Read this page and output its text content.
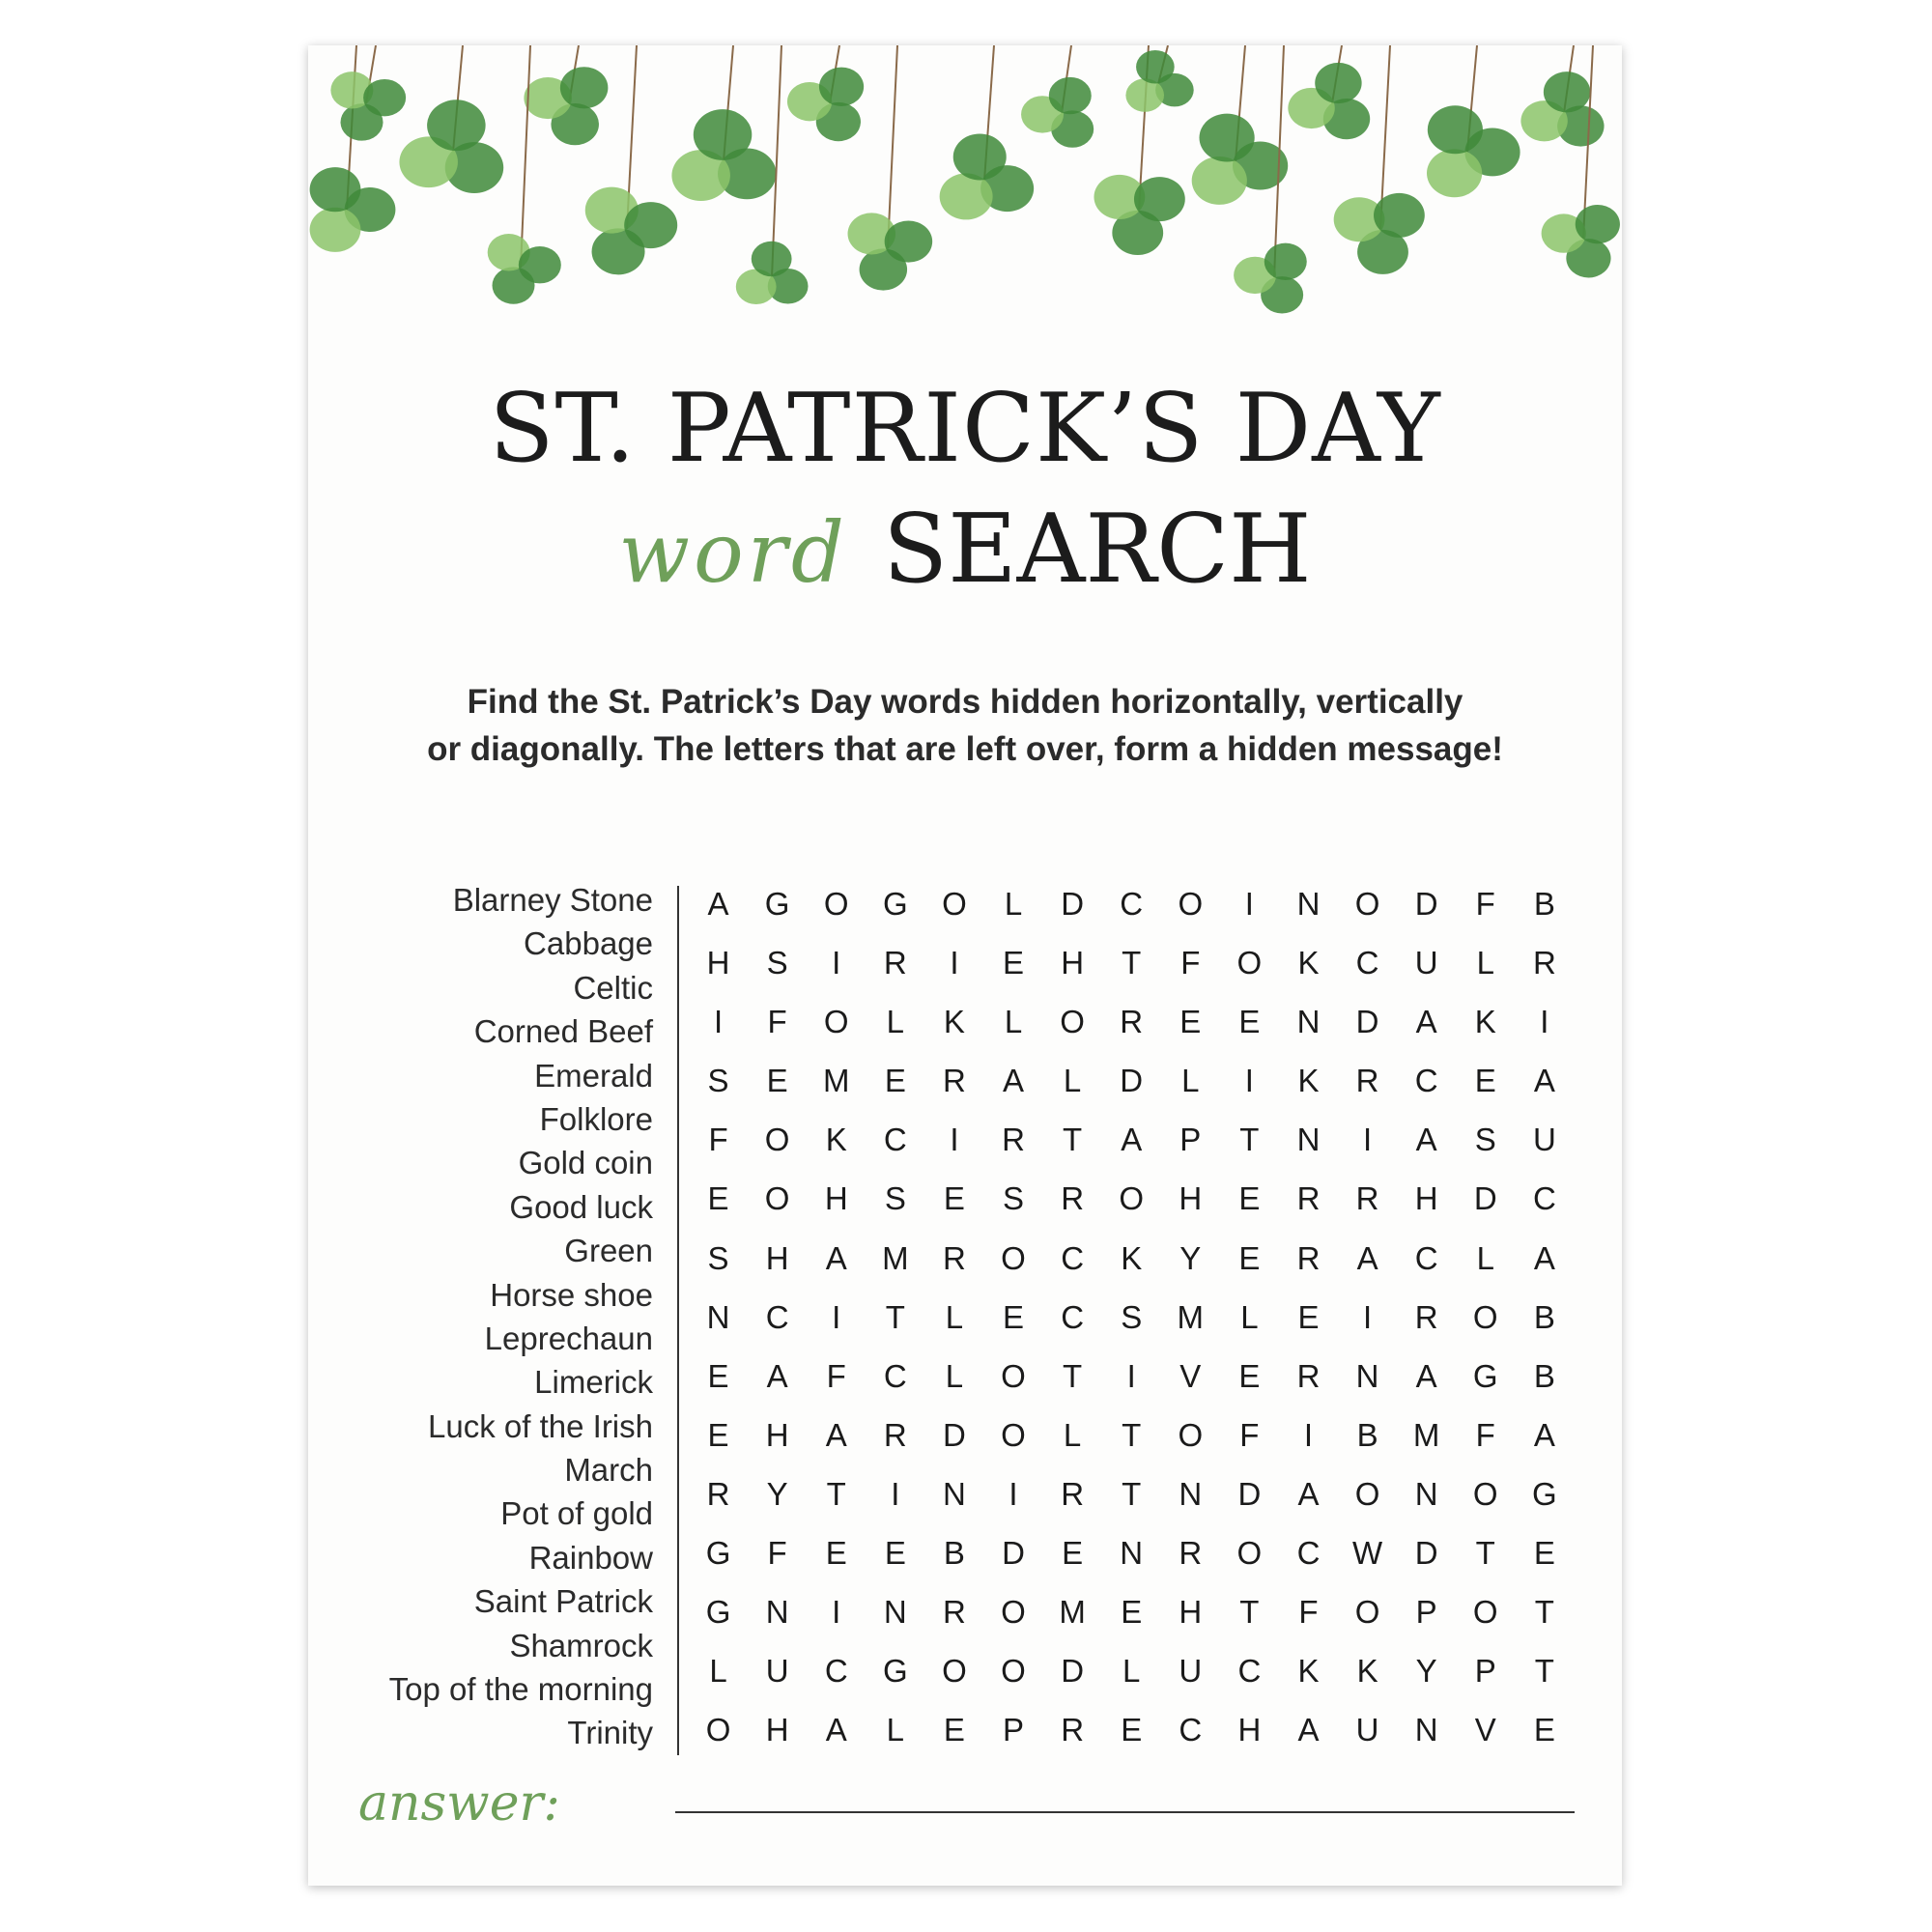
ST. PATRICK’S DAY
word SEARCH
Find the St. Patrick’s Day words hidden horizontally, vertically
or diagonally. The letters that are left over, form a hidden message!
Blarney Stone
Cabbage
Celtic
Corned Beef
Emerald
Folklore
Gold coin
Good luck
Green
Horse shoe
Leprechaun
Limerick
Luck of the Irish
March
Pot of gold
Rainbow
Saint Patrick
Shamrock
Top of the morning
Trinity
A	G	O	G	O	L	D	C	O	I	N	O	D	F	B
H	S	I	R	I	E	H	T	F	O	K	C	U	L	R
I	F	O	L	K	L	O	R	E	E	N	D	A	K	I
S	E	M	E	R	A	L	D	L	I	K	R	C	E	A
F	O	K	C	I	R	T	A	P	T	N	I	A	S	U
E	O	H	S	E	S	R	O	H	E	R	R	H	D	C
S	H	A	M	R	O	C	K	Y	E	R	A	C	L	A
N	C	I	T	L	E	C	S	M	L	E	I	R	O	B
E	A	F	C	L	O	T	I	V	E	R	N	A	G	B
E	H	A	R	D	O	L	T	O	F	I	B	M	F	A
R	Y	T	I	N	I	R	T	N	D	A	O	N	O	G
G	F	E	E	B	D	E	N	R	O	C	W	D	T	E
G	N	I	N	R	O	M	E	H	T	F	O	P	O	T
L	U	C	G	O	O	D	L	U	C	K	K	Y	P	T
O	H	A	L	E	P	R	E	C	H	A	U	N	V	E
answer:
